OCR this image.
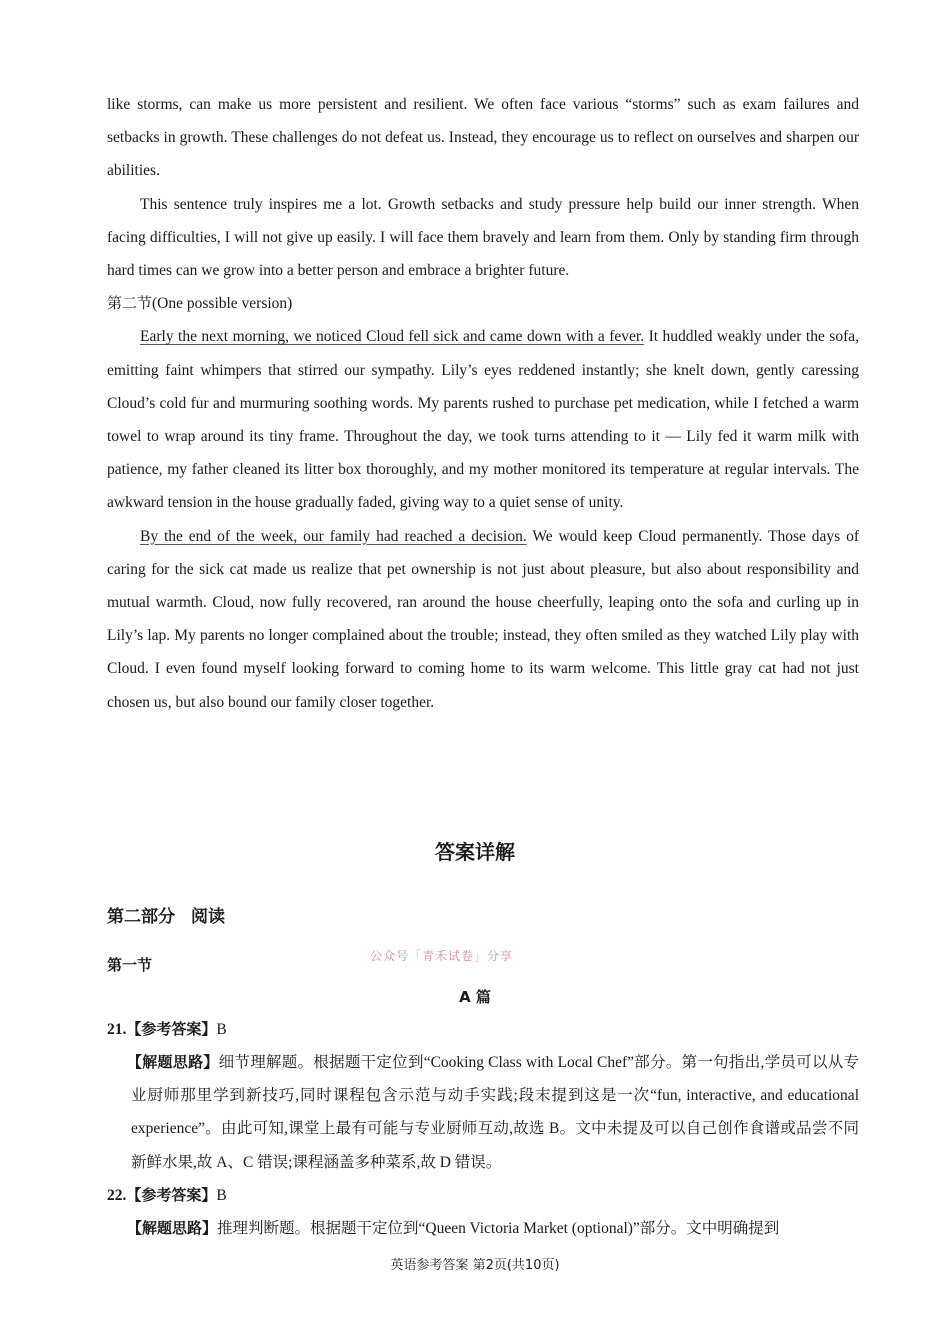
like storms, can make us more persistent and resilient. We often face various “storms” such as exam failures and setbacks in growth. These challenges do not defeat us. Instead, they encourage us to reflect on ourselves and sharpen our abilities.

This sentence truly inspires me a lot. Growth setbacks and study pressure help build our inner strength. When facing difficulties, I will not give up easily. I will face them bravely and learn from them. Only by standing firm through hard times can we grow into a better person and embrace a brighter future.

第二节(One possible version)

Early the next morning, we noticed Cloud fell sick and came down with a fever. It huddled weakly under the sofa, emitting faint whimpers that stirred our sympathy. Lily’s eyes reddened instantly; she knelt down, gently caressing Cloud’s cold fur and murmuring soothing words. My parents rushed to purchase pet medication, while I fetched a warm towel to wrap around its tiny frame. Throughout the day, we took turns attending to it — Lily fed it warm milk with patience, my father cleaned its litter box thoroughly, and my mother monitored its temperature at regular intervals. The awkward tension in the house gradually faded, giving way to a quiet sense of unity.

By the end of the week, our family had reached a decision. We would keep Cloud permanently. Those days of caring for the sick cat made us realize that pet ownership is not just about pleasure, but also about responsibility and mutual warmth. Cloud, now fully recovered, ran around the house cheerfully, leaping onto the sofa and curling up in Lily’s lap. My parents no longer complained about the trouble; instead, they often smiled as they watched Lily play with Cloud. I even found myself looking forward to coming home to its warm welcome. This little gray cat had not just chosen us, but also bound our family closer together.

答案详解
第二部分 阅读
第一节	公众号「青禾试卷」分享
A 篇
21.【参考答案】B

【解题思路】细节理解题。根据题干定位到“Cooking Class with Local Chef”部分。第一句指出,学员可以从专业厨师那里学到新技巧,同时课程包含示范与动手实践;段末提到这是一次“fun, interactive, and educational experience”。由此可知,课堂上最有可能与专业厨师互动,故选 B。文中未提及可以自己创作食谱或品尝不同新鲜水果,故 A、C 错误;课程涵盖多种菜系,故 D 错误。

22.【参考答案】B

【解题思路】推理判断题。根据题干定位到“Queen Victoria Market (optional)”部分。文中明确提到

英语参考答案 第2页(共10页)
